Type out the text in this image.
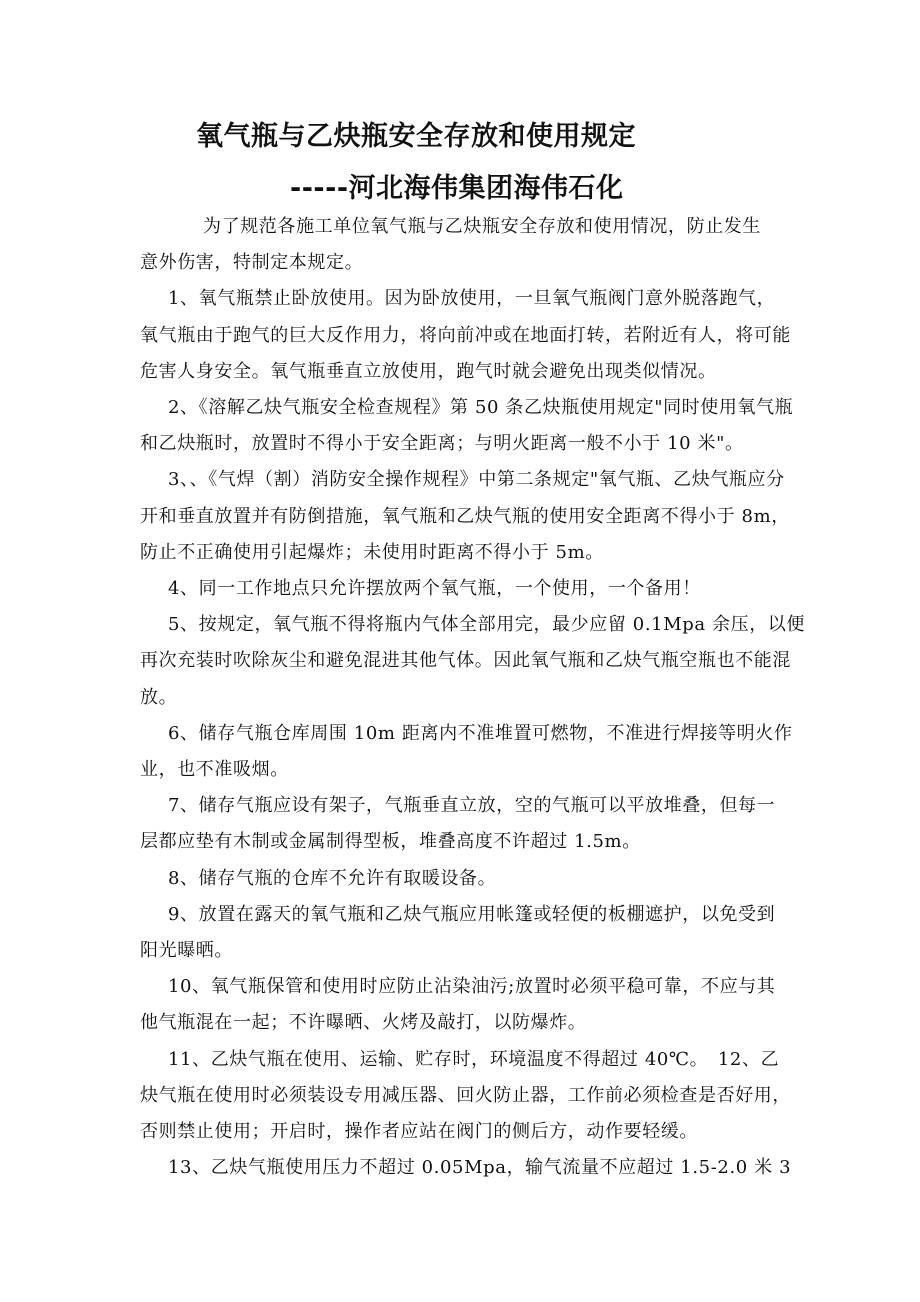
氧气瓶与乙炔瓶安全存放和使用规定
-----河北海伟集团海伟石化
为了规范各施工单位氧气瓶与乙炔瓶安全存放和使用情况，防止发生
意外伤害，特制定本规定。
1、氧气瓶禁止卧放使用。因为卧放使用，一旦氧气瓶阀门意外脱落跑气，
氧气瓶由于跑气的巨大反作用力，将向前冲或在地面打转，若附近有人，将可能
危害人身安全。氧气瓶垂直立放使用，跑气时就会避免出现类似情况。
2、《溶解乙炔气瓶安全检查规程》第 50 条乙炔瓶使用规定"同时使用氧气瓶
和乙炔瓶时，放置时不得小于安全距离；与明火距离一般不小于 10 米"。
3、、《气焊（割）消防安全操作规程》中第二条规定"氧气瓶、乙炔气瓶应分
开和垂直放置并有防倒措施，氧气瓶和乙炔气瓶的使用安全距离不得小于 8m，
防止不正确使用引起爆炸；未使用时距离不得小于 5m。
4、同一工作地点只允许摆放两个氧气瓶，一个使用，一个备用！
5、按规定，氧气瓶不得将瓶内气体全部用完，最少应留 0.1Mpa 余压，以便
再次充装时吹除灰尘和避免混进其他气体。因此氧气瓶和乙炔气瓶空瓶也不能混
放。
6、储存气瓶仓库周围 10m 距离内不准堆置可燃物，不准进行焊接等明火作
业，也不准吸烟。
7、储存气瓶应设有架子，气瓶垂直立放，空的气瓶可以平放堆叠，但每一
层都应垫有木制或金属制得型板，堆叠高度不许超过 1.5m。
8、储存气瓶的仓库不允许有取暖设备。
9、放置在露天的氧气瓶和乙炔气瓶应用帐篷或轻便的板棚遮护，以免受到
阳光曝晒。
10、氧气瓶保管和使用时应防止沾染油污;放置时必须平稳可靠，不应与其
他气瓶混在一起；不许曝晒、火烤及敲打，以防爆炸。
11、乙炔气瓶在使用、运输、贮存时，环境温度不得超过 40℃。　12、乙
炔气瓶在使用时必须装设专用减压器、回火防止器，工作前必须检查是否好用，
否则禁止使用；开启时，操作者应站在阀门的侧后方，动作要轻缓。
13、乙炔气瓶使用压力不超过 0.05Mpa，输气流量不应超过 1.5-2.0 米 3
